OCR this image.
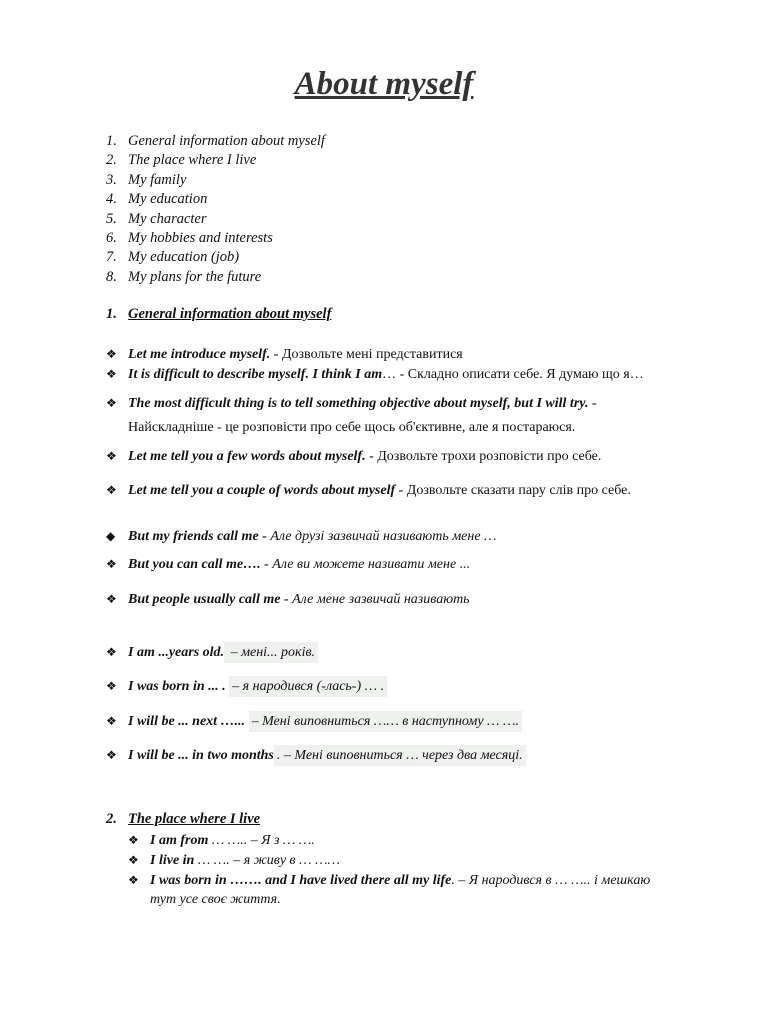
About myself
1. General information about myself
2. The place where I live
3. My family
4. My education
5. My character
6. My hobbies and interests
7. My education (job)
8. My plans for the future
1. General information about myself
❖ Let me introduce myself. - Дозвольте мені представитися
❖ It is difficult to describe myself. I think I am… - Складно описати себе. Я думаю що я…
❖ The most difficult thing is to tell something objective about myself, but I will try. -
Найскладніше - це розповісти про себе щось об'єктивне, але я постараюся.
❖ Let me tell you a few words about myself. - Дозвольте трохи розповісти про себе.
❖ Let me tell you a couple of words about myself - Дозвольте сказати пару слів про себе.
◆ But my friends call me - Але друзі зазвичай називають мене …
❖ But you can call me…. - Але ви можете називати мене ...
❖ But people usually call me - Але мене зазвичай називають
❖ I am ...years old. – мені... років.
❖ I was born in ... . – я народився (-лась-) … .
❖ I will be ... next …... – Мені виповниться …… в наступному … ….
❖ I will be ... in two months . – Мені виповниться … через два месяці.
2. The place where I live
❖ I am from … ….. – Я з … ….
❖ I live in … …. – я живу в … ……
❖ I was born in ……. and I have lived there all my life. – Я народився в … ….. і мешкаю
тут усе своє життя.
